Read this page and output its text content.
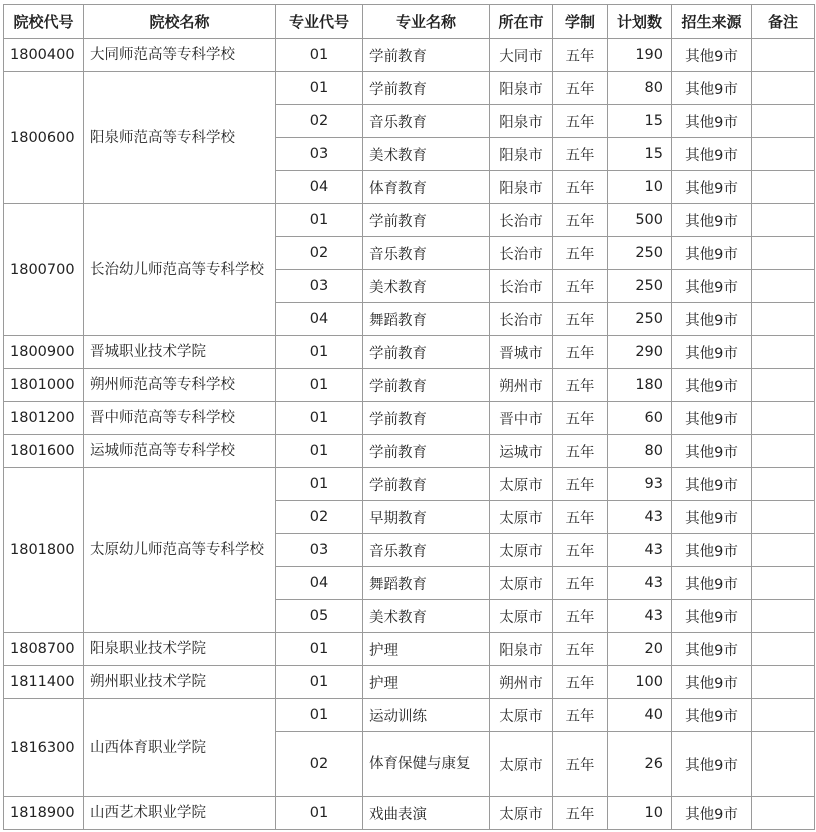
院校代号	院校名称	专业代号	专业名称	所在市	学制	计划数	招生来源	备注
1800400	大同师范高等专科学校	01	学前教育	大同市	五年	190	其他9市	
1800600	阳泉师范高等专科学校	01	学前教育	阳泉市	五年	80	其他9市	
		02	音乐教育	阳泉市	五年	15	其他9市	
		03	美术教育	阳泉市	五年	15	其他9市	
		04	体育教育	阳泉市	五年	10	其他9市	
1800700	长治幼儿师范高等专科学校	01	学前教育	长治市	五年	500	其他9市	
		02	音乐教育	长治市	五年	250	其他9市	
		03	美术教育	长治市	五年	250	其他9市	
		04	舞蹈教育	长治市	五年	250	其他9市	
1800900	晋城职业技术学院	01	学前教育	晋城市	五年	290	其他9市	
1801000	朔州师范高等专科学校	01	学前教育	朔州市	五年	180	其他9市	
1801200	晋中师范高等专科学校	01	学前教育	晋中市	五年	60	其他9市	
1801600	运城师范高等专科学校	01	学前教育	运城市	五年	80	其他9市	
1801800	太原幼儿师范高等专科学校	01	学前教育	太原市	五年	93	其他9市	
		02	早期教育	太原市	五年	43	其他9市	
		03	音乐教育	太原市	五年	43	其他9市	
		04	舞蹈教育	太原市	五年	43	其他9市	
		05	美术教育	太原市	五年	43	其他9市	
1808700	阳泉职业技术学院	01	护理	阳泉市	五年	20	其他9市	
1811400	朔州职业技术学院	01	护理	朔州市	五年	100	其他9市	
1816300	山西体育职业学院	01	运动训练	太原市	五年	40	其他9市	
		02	体育保健与康复	太原市	五年	26	其他9市	
1818900	山西艺术职业学院	01	戏曲表演	太原市	五年	10	其他9市	
